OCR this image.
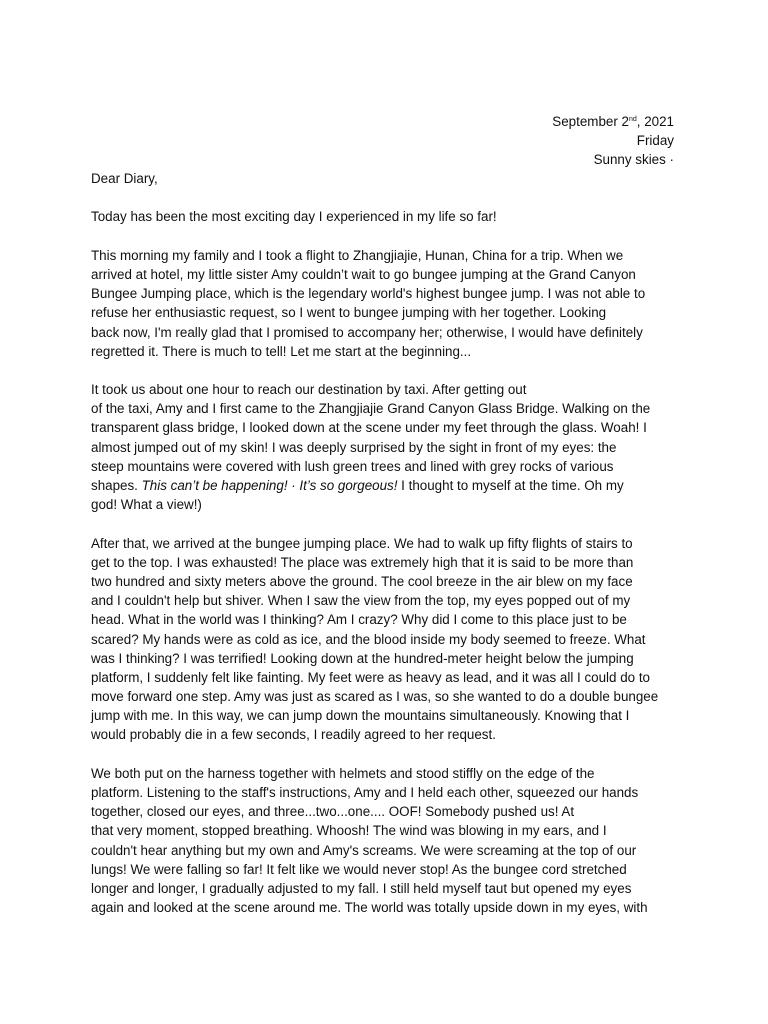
September 2nd, 2021
Friday
Sunny skies ·
Dear Diary,
Today has been the most exciting day I experienced in my life so far!
This morning my family and I took a flight to Zhangjiajie, Hunan, China for a trip. When we
arrived at hotel, my little sister Amy couldn’t wait to go bungee jumping at the Grand Canyon
Bungee Jumping place, which is the legendary world's highest bungee jump. I was not able to
refuse her enthusiastic request, so I went to bungee jumping with her together. Looking
back now, I'm really glad that I promised to accompany her; otherwise, I would have definitely
regretted it. There is much to tell! Let me start at the beginning...
It took us about one hour to reach our destination by taxi. After getting out
of the taxi, Amy and I first came to the Zhangjiajie Grand Canyon Glass Bridge. Walking on the
transparent glass bridge, I looked down at the scene under my feet through the glass. Woah! I
almost jumped out of my skin! I was deeply surprised by the sight in front of my eyes: the
steep mountains were covered with lush green trees and lined with grey rocks of various
shapes. This can’t be happening! · It’s so gorgeous! I thought to myself at the time. Oh my
god! What a view!)
After that, we arrived at the bungee jumping place. We had to walk up fifty flights of stairs to
get to the top. I was exhausted! The place was extremely high that it is said to be more than
two hundred and sixty meters above the ground. The cool breeze in the air blew on my face
and I couldn't help but shiver. When I saw the view from the top, my eyes popped out of my
head. What in the world was I thinking? Am I crazy? Why did I come to this place just to be
scared? My hands were as cold as ice, and the blood inside my body seemed to freeze. What
was I thinking? I was terrified! Looking down at the hundred-meter height below the jumping
platform, I suddenly felt like fainting. My feet were as heavy as lead, and it was all I could do to
move forward one step. Amy was just as scared as I was, so she wanted to do a double bungee
jump with me. In this way, we can jump down the mountains simultaneously. Knowing that I
would probably die in a few seconds, I readily agreed to her request.
We both put on the harness together with helmets and stood stiffly on the edge of the
platform. Listening to the staff's instructions, Amy and I held each other, squeezed our hands
together, closed our eyes, and three...two...one.... OOF! Somebody pushed us! At
that very moment, stopped breathing. Whoosh! The wind was blowing in my ears, and I
couldn't hear anything but my own and Amy's screams. We were screaming at the top of our
lungs! We were falling so far! It felt like we would never stop! As the bungee cord stretched
longer and longer, I gradually adjusted to my fall. I still held myself taut but opened my eyes
again and looked at the scene around me. The world was totally upside down in my eyes, with
